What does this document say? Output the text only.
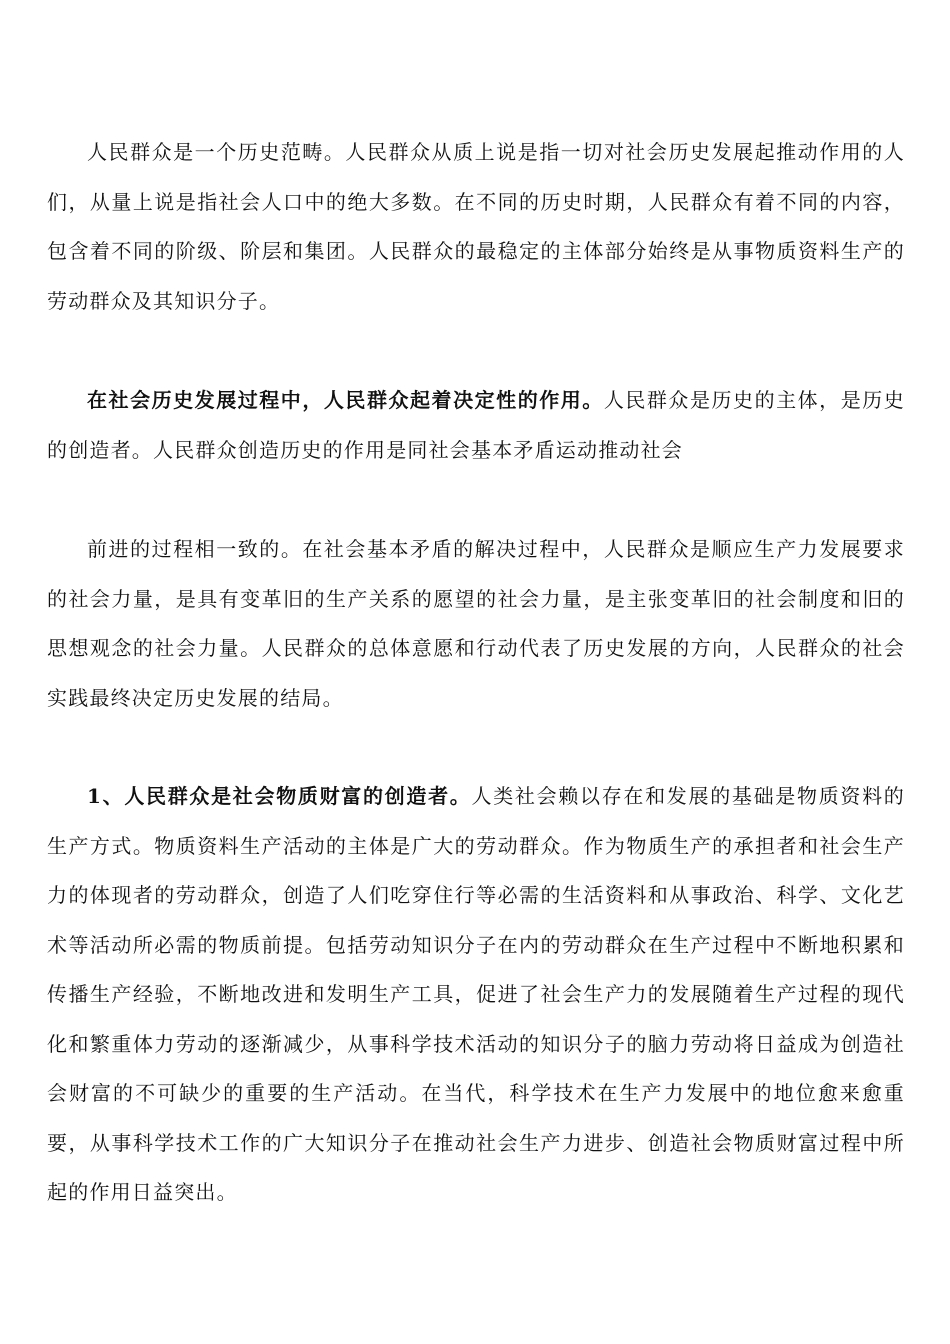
人民群众是一个历史范畴。人民群众从质上说是指一切对社会历史发展起推动作用的人们，从量上说是指社会人口中的绝大多数。在不同的历史时期，人民群众有着不同的内容，包含着不同的阶级、阶层和集团。人民群众的最稳定的主体部分始终是从事物质资料生产的劳动群众及其知识分子。

在社会历史发展过程中，人民群众起着决定性的作用。人民群众是历史的主体，是历史的创造者。人民群众创造历史的作用是同社会基本矛盾运动推动社会

前进的过程相一致的。在社会基本矛盾的解决过程中，人民群众是顺应生产力发展要求的社会力量，是具有变革旧的生产关系的愿望的社会力量，是主张变革旧的社会制度和旧的思想观念的社会力量。人民群众的总体意愿和行动代表了历史发展的方向，人民群众的社会实践最终决定历史发展的结局。

1、人民群众是社会物质财富的创造者。人类社会赖以存在和发展的基础是物质资料的生产方式。物质资料生产活动的主体是广大的劳动群众。作为物质生产的承担者和社会生产力的体现者的劳动群众，创造了人们吃穿住行等必需的生活资料和从事政治、科学、文化艺术等活动所必需的物质前提。包括劳动知识分子在内的劳动群众在生产过程中不断地积累和传播生产经验，不断地改进和发明生产工具，促进了社会生产力的发展随着生产过程的现代化和繁重体力劳动的逐渐减少，从事科学技术活动的知识分子的脑力劳动将日益成为创造社会财富的不可缺少的重要的生产活动。在当代，科学技术在生产力发展中的地位愈来愈重要，从事科学技术工作的广大知识分子在推动社会生产力进步、创造社会物质财富过程中所起的作用日益突出。
